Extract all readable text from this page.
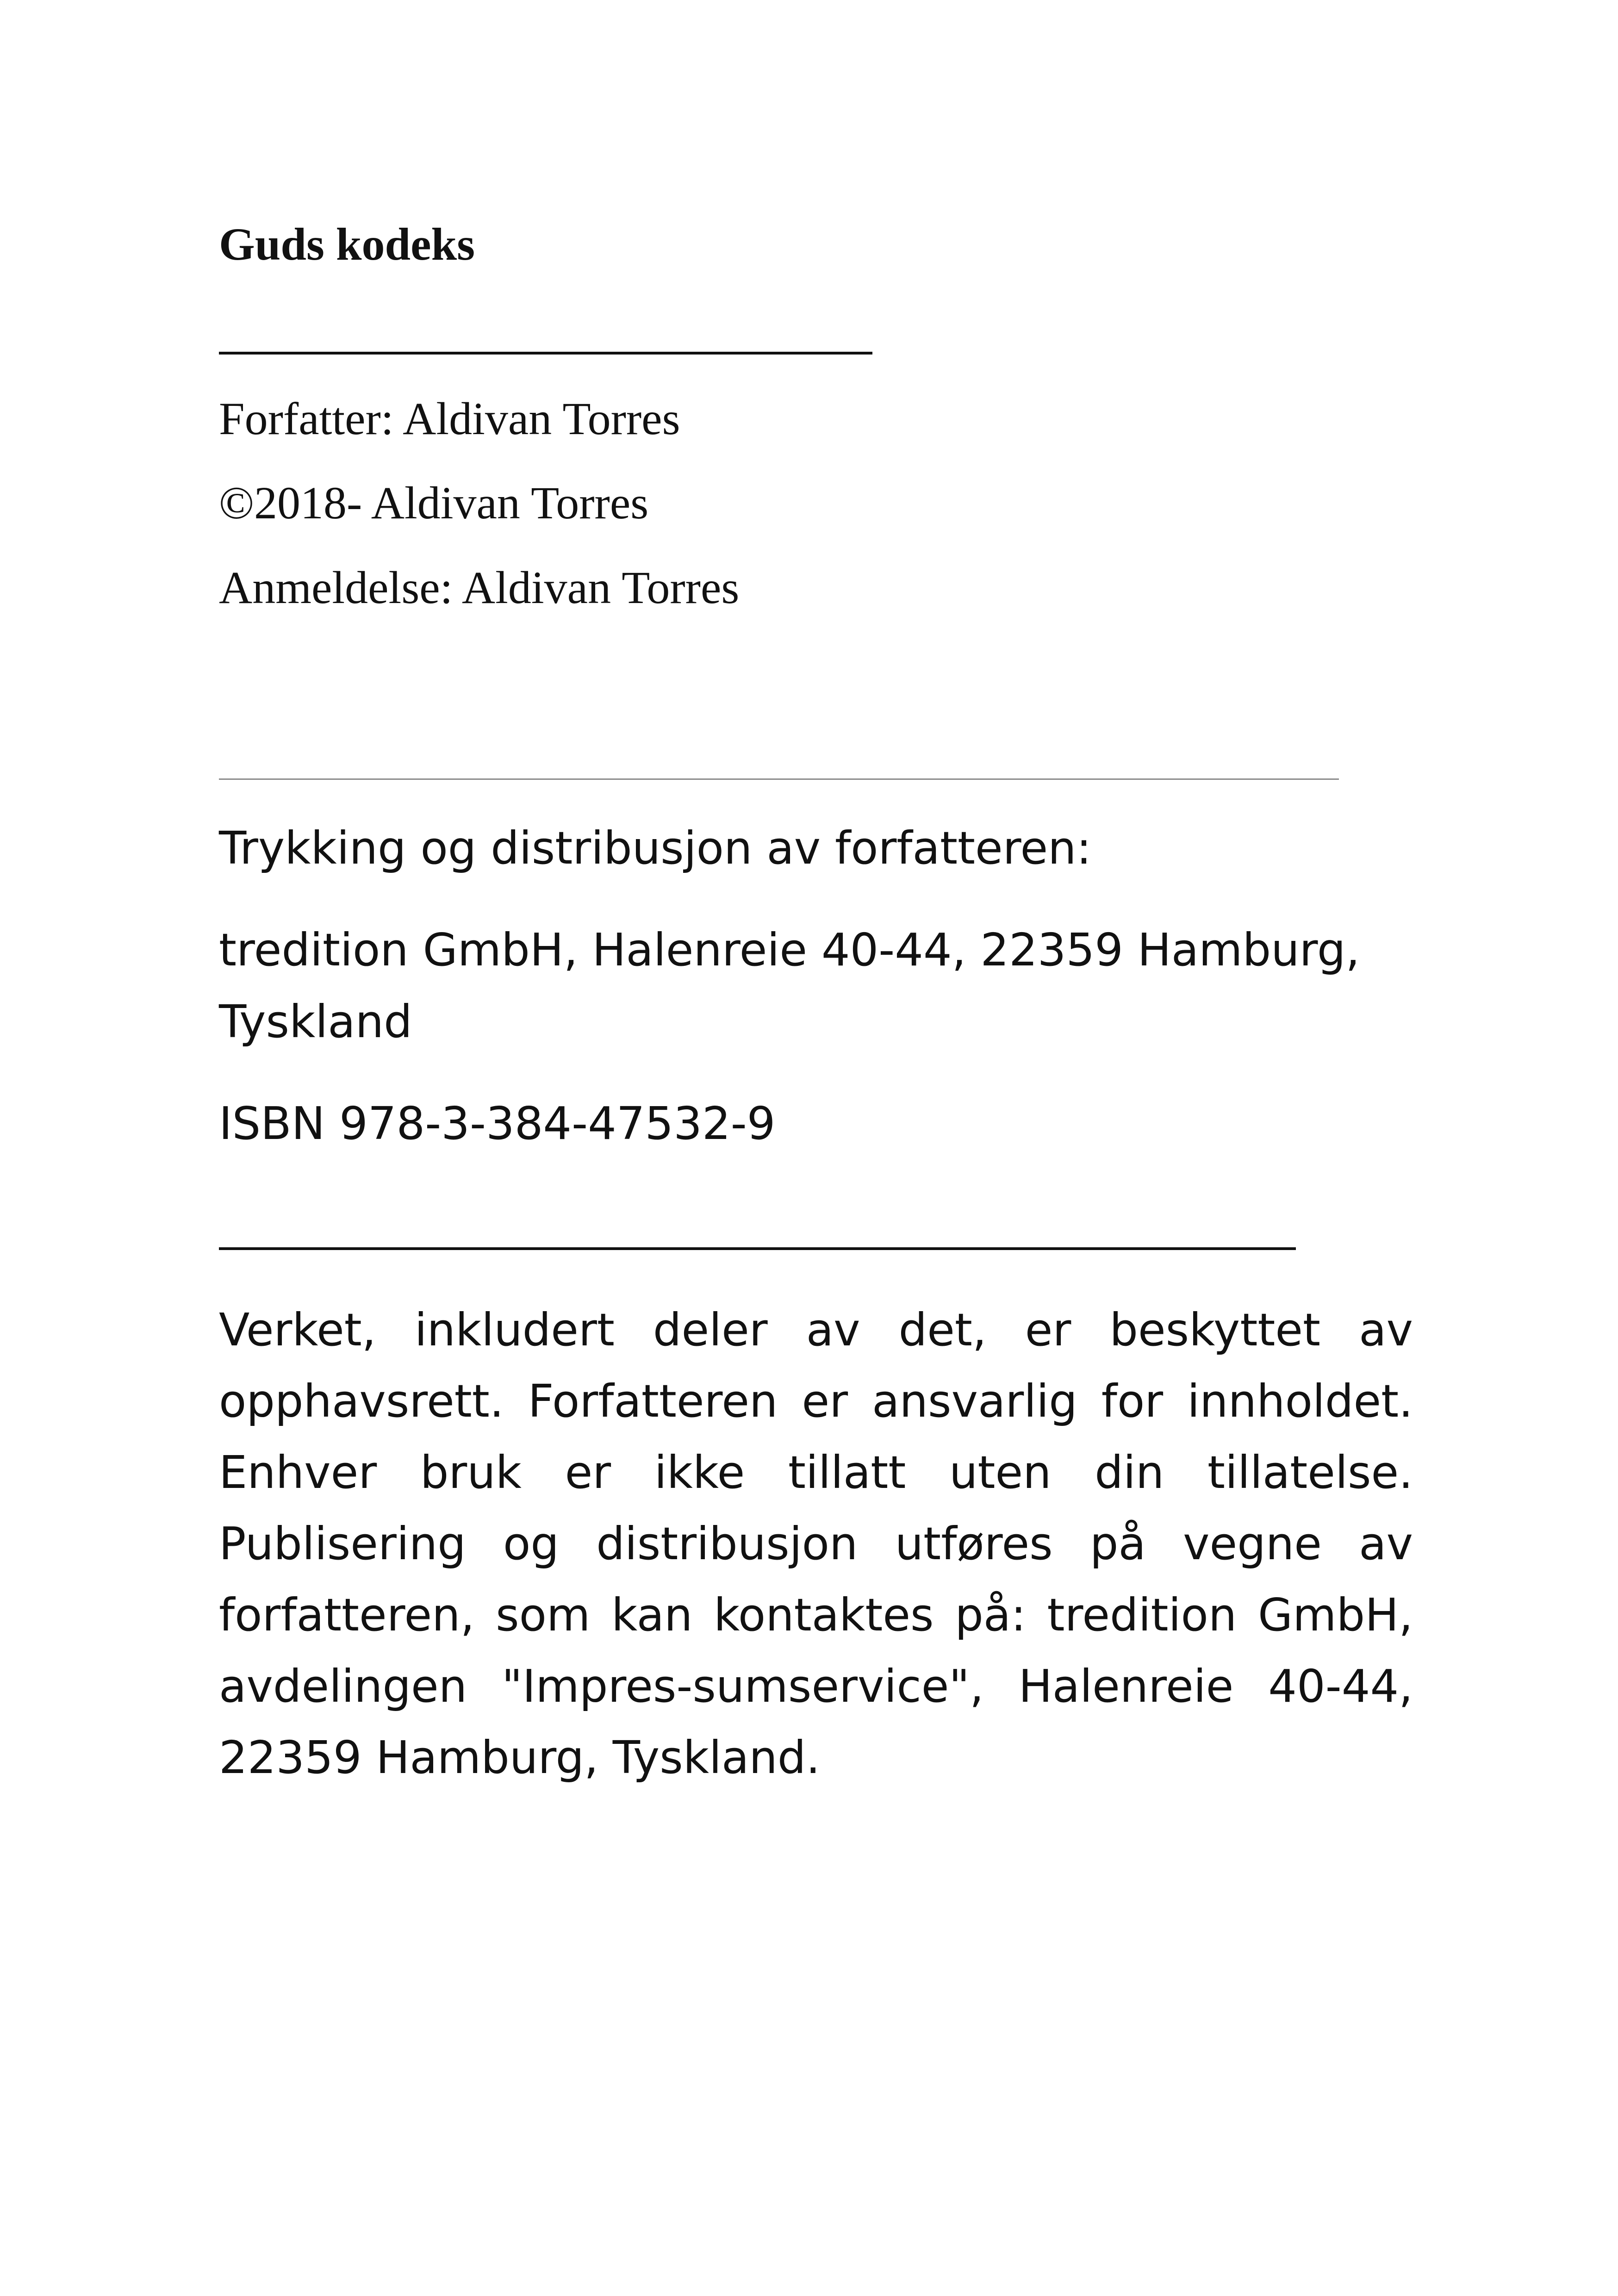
Guds kodeks
Forfatter: Aldivan Torres
©2018- Aldivan Torres
Anmeldelse: Aldivan Torres
Trykking og distribusjon av forfatteren:
tredition GmbH, Halenreie 40-44, 22359 Hamburg,
Tyskland
ISBN 978-3-384-47532-9
Verket, inkludert deler av det, er beskyttet av opphavsrett. Forfatteren er ansvarlig for innholdet. Enhver bruk er ikke tillatt uten din tillatelse. Publisering og distribusjon utføres på vegne av forfatteren, som kan kontaktes på: tredition GmbH, avdelingen "Impres-sumservice", Halenreie 40-44, 22359 Hamburg, Tyskland.
